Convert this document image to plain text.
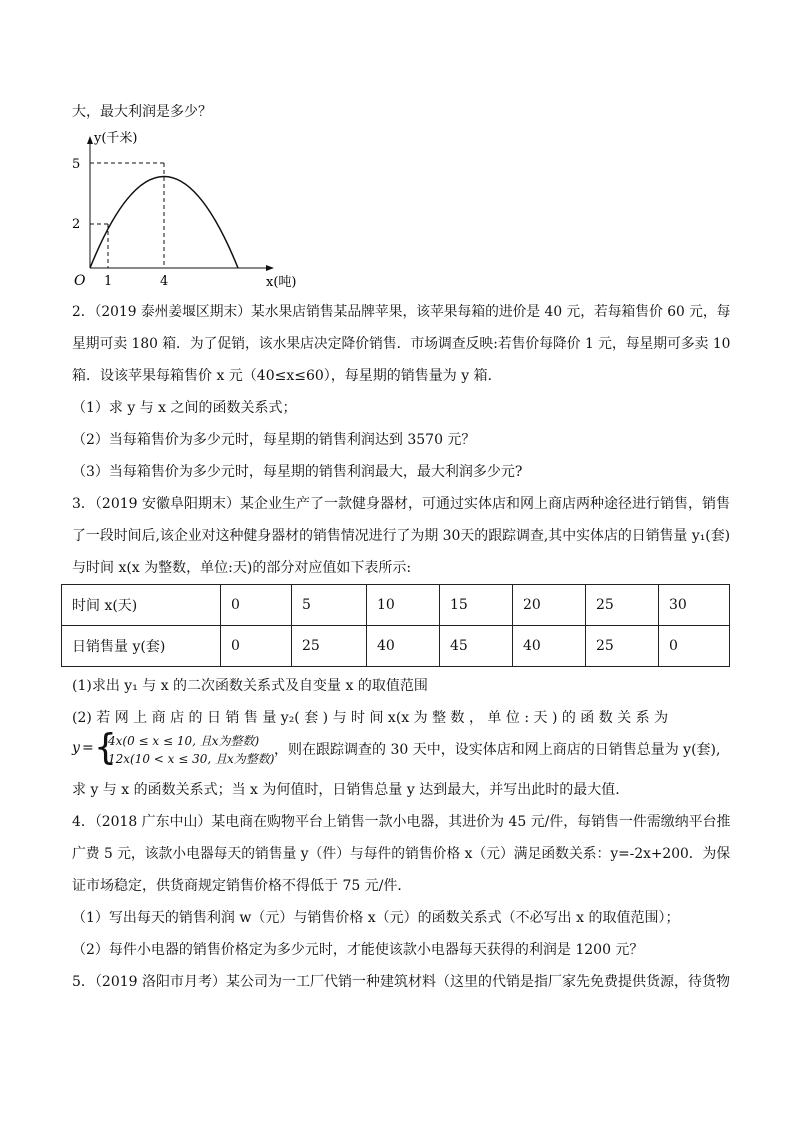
大，最大利润是多少？
y(千米)
x(吨)
O
5
2
1	4
2．（2019 泰州姜堰区期末）某水果店销售某品牌苹果，该苹果每箱的进价是 40 元，若每箱售价 60 元，每
星期可卖 180 箱．为了促销，该水果店决定降价销售．市场调查反映:若售价每降价 1 元，每星期可多卖 10
箱．设该苹果每箱售价 x 元（40≤x≤60），每星期的销售量为 y 箱．
（1）求 y 与 x 之间的函数关系式；
（2）当每箱售价为多少元时，每星期的销售利润达到 3570 元？
（3）当每箱售价为多少元时，每星期的销售利润最大，最大利润多少元?
3．（2019 安徽阜阳期末）某企业生产了一款健身器材，可通过实体店和网上商店两种途径进行销售，销售
了一段时间后,该企业对这种健身器材的销售情况进行了为期 30天的跟踪调查,其中实体店的日销售量 y₁(套)
与时间 x(x 为整数，单位:天)的部分对应值如下表所示:
时间 x(天)	0	5	10	15	20	25	30
日销售量 y(套)	0	25	40	45	40	25	0
(1)求出 y₁ 与 x 的二次函数关系式及自变量 x 的取值范围
(2) 若 网 上 商 店 的 日 销 售 量 y₂( 套 ) 与 时 间 x(x 为 整 数 ， 单 位 : 天 ) 的 函 数 关 系 为
y = {
4x(0 ≤ x ≤ 10, 且x为整数)
12x(10 < x ≤ 30, 且x为整数)
，则在跟踪调查的 30 天中，设实体店和网上商店的日销售总量为 y(套),
求 y 与 x 的函数关系式；当 x 为何值时，日销售总量 y 达到最大，并写出此时的最大值.
4．（2018 广东中山）某电商在购物平台上销售一款小电器，其进价为 45 元/件，每销售一件需缴纳平台推
广费 5 元，该款小电器每天的销售量 y（件）与每件的销售价格 x（元）满足函数关系：y=-2x+200．为保
证市场稳定，供货商规定销售价格不得低于 75 元/件．
（1）写出每天的销售利润 w（元）与销售价格 x（元）的函数关系式（不必写出 x 的取值范围）；
（2）每件小电器的销售价格定为多少元时，才能使该款小电器每天获得的利润是 1200 元？
5．（2019 洛阳市月考）某公司为一工厂代销一种建筑材料（这里的代销是指厂家先免费提供货源，待货物
